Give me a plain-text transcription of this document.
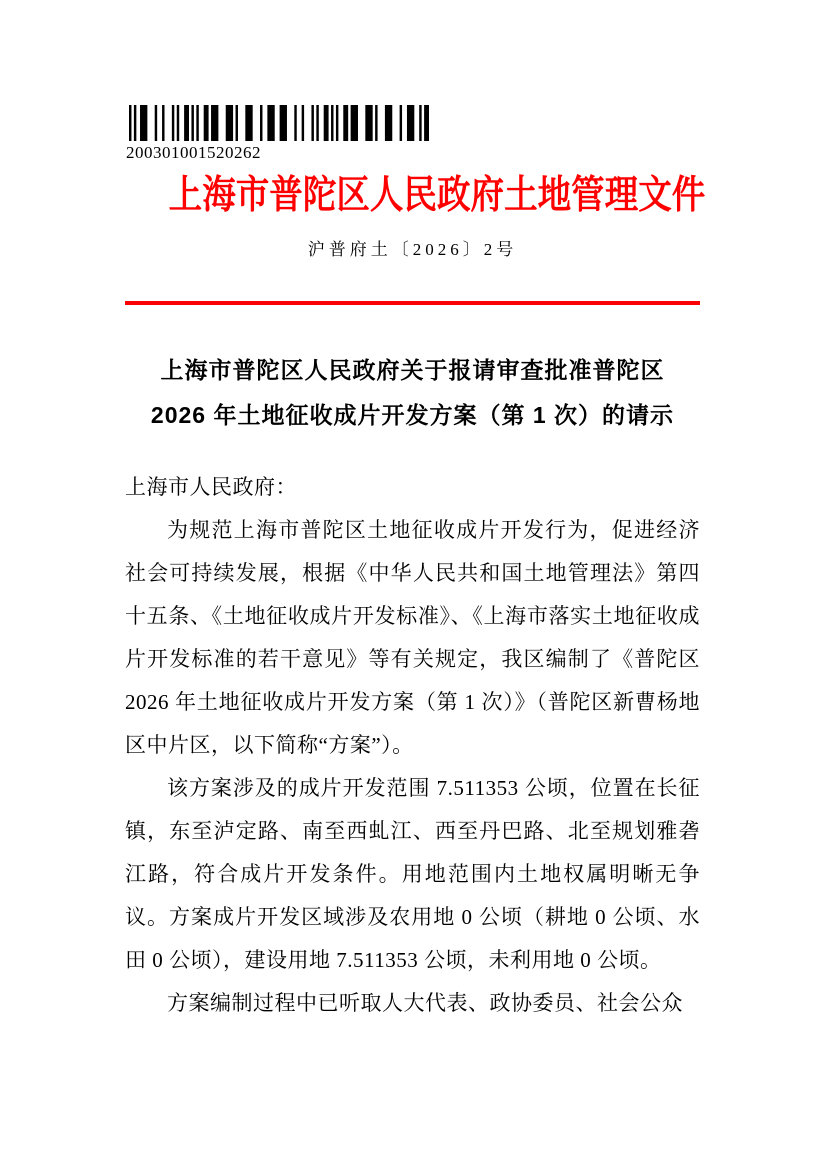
200301001520262
上海市普陀区人民政府土地管理文件
沪普府土〔2026〕2号
上海市普陀区人民政府关于报请审查批准普陀区
2026 年土地征收成片开发方案（第 1 次）的请示

上海市人民政府：

为规范上海市普陀区土地征收成片开发行为，促进经济社会可持续发展，根据《中华人民共和国土地管理法》第四十五条、《土地征收成片开发标准》、《上海市落实土地征收成片开发标准的若干意见》等有关规定，我区编制了《普陀区 2026 年土地征收成片开发方案（第 1 次）》（普陀区新曹杨地区中片区，以下简称“方案”）。

该方案涉及的成片开发范围 7.511353 公顷，位置在长征镇，东至泸定路、南至西虬江、西至丹巴路、北至规划雅砻江路，符合成片开发条件。用地范围内土地权属明晰无争议。方案成片开发区域涉及农用地 0 公顷（耕地 0 公顷、水田 0 公顷），建设用地 7.511353 公顷，未利用地 0 公顷。

方案编制过程中已听取人大代表、政协委员、社会公众
